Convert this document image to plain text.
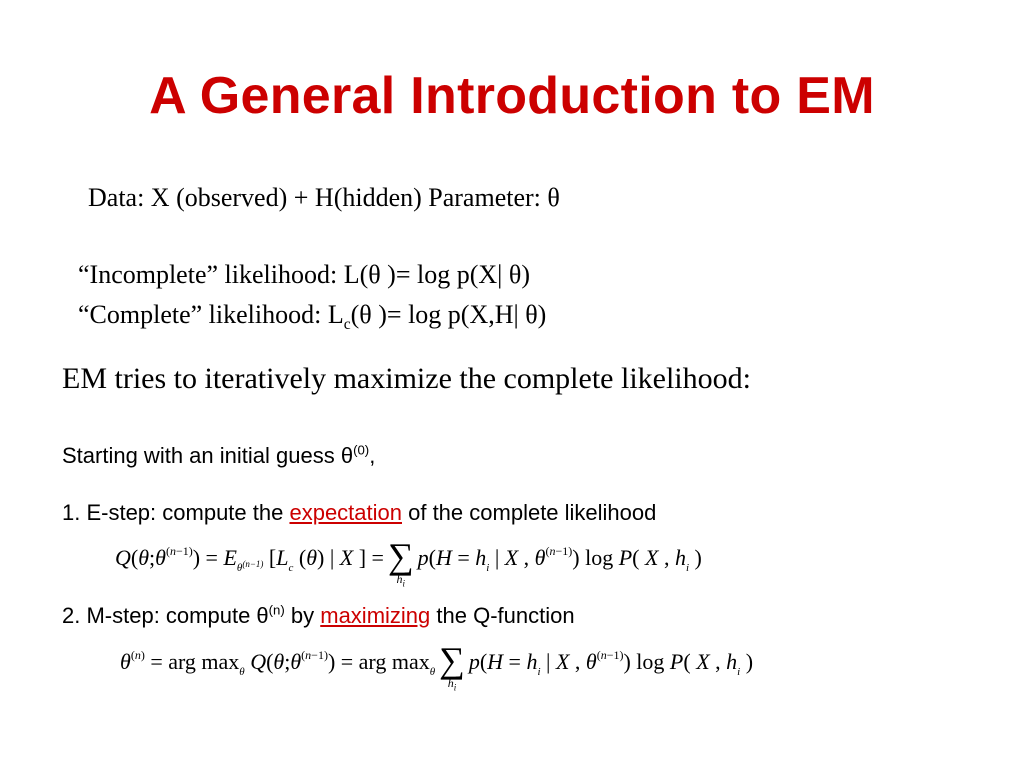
A General Introduction to EM
Data: X (observed) + H(hidden) Parameter: θ
“Incomplete” likelihood: L(θ )= log p(X| θ)
“Complete” likelihood: $L_c(\theta$ )= log p(X,H| θ)
EM tries to iteratively maximize the complete likelihood:
Starting with an initial guess $\theta^{(0)}$,
1. E-step: compute the expectation of the complete likelihood
$Q(\theta;\theta^{(n-1)}) = E_{\theta^{(n-1)}}$ [$L_c$ (θ) | X ] = ∑
$h_i$
$p(H = h_i$ | X , $\theta^{(n-1)}$) log P( X , $h_i$ )
2. M-step: compute $\theta^{(n)}$ by maximizing the Q-function
$\theta^{(n)}$ = arg $\max_\theta$ $Q(\theta;\theta^{(n-1)})$ = arg $\max_\theta$ ∑
$h_i$
$p(H = h_i$ | X , $\theta^{(n-1)}$) log P( X , $h_i$ )
